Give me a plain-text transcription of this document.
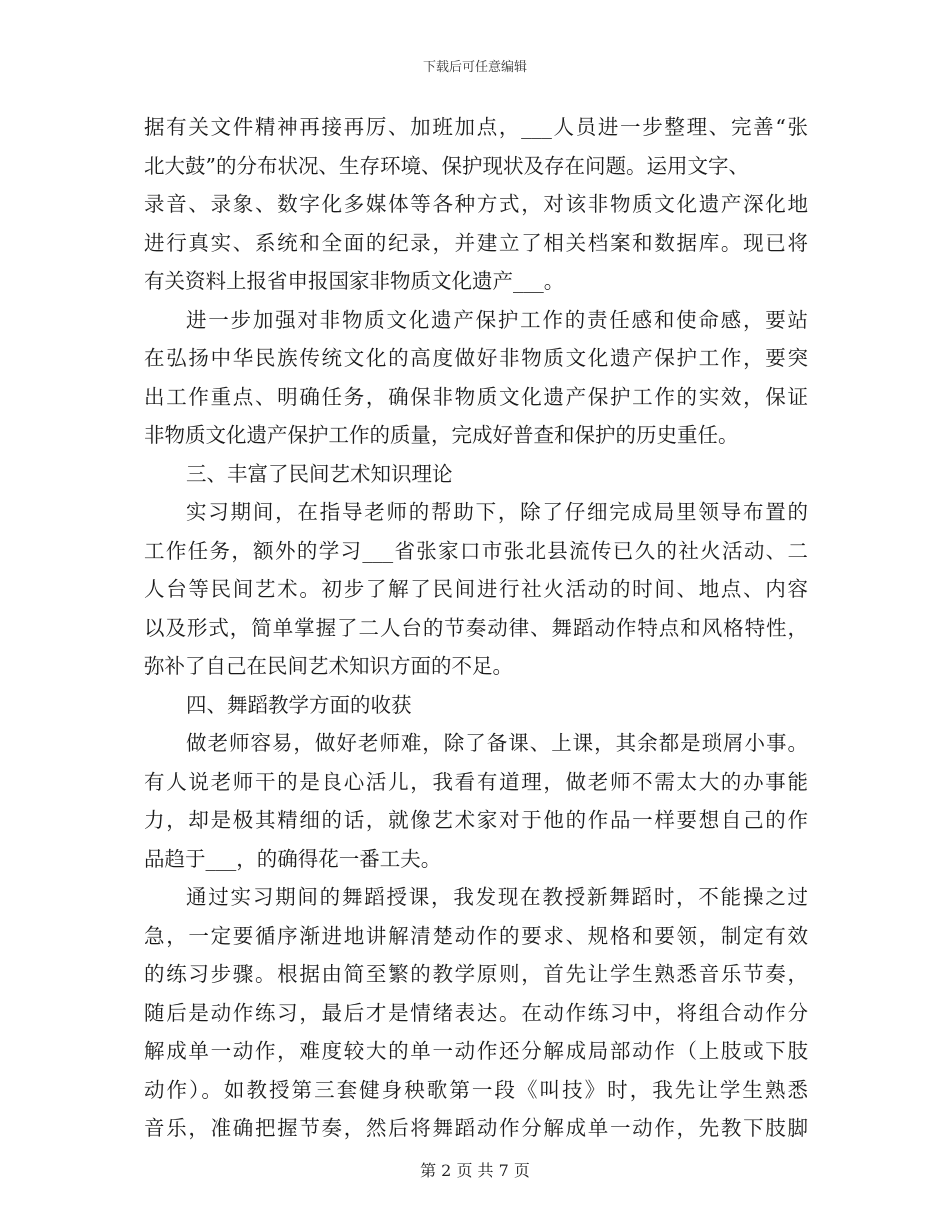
下载后可任意编辑
据有关文件精神再接再厉、加班加点，___人员进一步整理、完善“张
北大鼓”的分布状况、生存环境、保护现状及存在问题。运用文字、
录音、录象、数字化多媒体等各种方式，对该非物质文化遗产深化地
进行真实、系统和全面的纪录，并建立了相关档案和数据库。现已将
有关资料上报省申报国家非物质文化遗产___。
进一步加强对非物质文化遗产保护工作的责任感和使命感，要站
在弘扬中华民族传统文化的高度做好非物质文化遗产保护工作，要突
出工作重点、明确任务，确保非物质文化遗产保护工作的实效，保证
非物质文化遗产保护工作的质量，完成好普查和保护的历史重任。
三、丰富了民间艺术知识理论
实习期间，在指导老师的帮助下，除了仔细完成局里领导布置的
工作任务，额外的学习___省张家口市张北县流传已久的社火活动、二
人台等民间艺术。初步了解了民间进行社火活动的时间、地点、内容
以及形式，简单掌握了二人台的节奏动律、舞蹈动作特点和风格特性，
弥补了自己在民间艺术知识方面的不足。
四、舞蹈教学方面的收获
做老师容易，做好老师难，除了备课、上课，其余都是琐屑小事。
有人说老师干的是良心活儿，我看有道理，做老师不需太大的办事能
力，却是极其精细的话，就像艺术家对于他的作品一样要想自己的作
品趋于___，的确得花一番工夫。
通过实习期间的舞蹈授课，我发现在教授新舞蹈时，不能操之过
急，一定要循序渐进地讲解清楚动作的要求、规格和要领，制定有效
的练习步骤。根据由简至繁的教学原则，首先让学生熟悉音乐节奏，
随后是动作练习，最后才是情绪表达。在动作练习中，将组合动作分
解成单一动作，难度较大的单一动作还分解成局部动作（上肢或下肢
动作）。如教授第三套健身秧歌第一段《叫技》时，我先让学生熟悉
音乐，准确把握节奏，然后将舞蹈动作分解成单一动作，先教下肢脚
第 2 页 共 7 页
